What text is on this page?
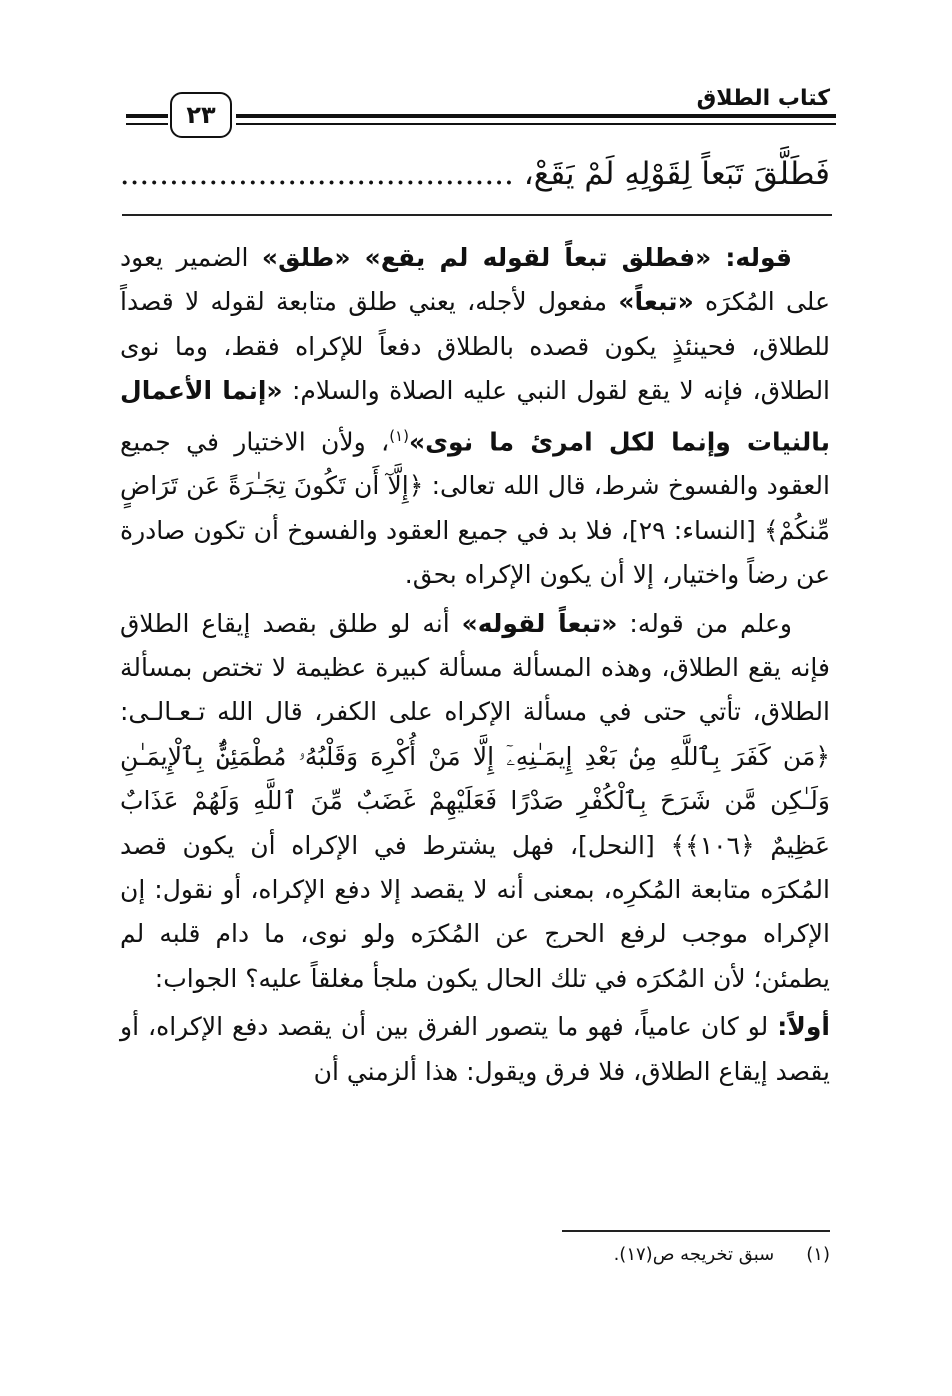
كتاب الطلاق
٢٣
فَطَلَّقَ تَبَعاً لِقَوْلِهِ لَمْ يَقَعْ، ........................................

قوله: «فطلق تبعاً لقوله لم يقع» «طلق» الضمير يعود على المُكرَه «تبعاً» مفعول لأجله، يعني طلق متابعة لقوله لا قصداً للطلاق، فحينئذٍ يكون قصده بالطلاق دفعاً للإكراه فقط، وما نوى الطلاق، فإنه لا يقع لقول النبي عليه الصلاة والسلام: «إنما الأعمال بالنيات وإنما لكل امرئ ما نوى»$^{(١)}$، ولأن الاختيار في جميع العقود والفسوخ شرط، قال الله تعالى: ﴿إِلَّآ أَن تَكُونَ تِجَـٰرَةً عَن تَرَاضٍ مِّنكُمْ﴾ [النساء: ٢٩]، فلا بد في جميع العقود والفسوخ أن تكون صادرة عن رضاً واختيار، إلا أن يكون الإكراه بحق.

وعلم من قوله: «تبعاً لقوله» أنه لو طلق بقصد إيقاع الطلاق فإنه يقع الطلاق، وهذه المسألة مسألة كبيرة عظيمة لا تختص بمسألة الطلاق، تأتي حتى في مسألة الإكراه على الكفر، قال الله تـعـالـى: ﴿مَن كَفَرَ بِٱللَّهِ مِنۢ بَعْدِ إِيمَـٰنِهِۦٓ إِلَّا مَنْ أُكْرِهَ وَقَلْبُهُۥ مُطْمَئِنٌّۢ بِٱلْإِيمَـٰنِ وَلَـٰكِن مَّن شَرَحَ بِٱلْكُفْرِ صَدْرًا فَعَلَيْهِمْ غَضَبٌ مِّنَ ٱللَّهِ وَلَهُمْ عَذَابٌ عَظِيمٌ ﴿١٠٦﴾﴾ [النحل]، فهل يشترط في الإكراه أن يكون قصد المُكرَه متابعة المُكرِه، بمعنى أنه لا يقصد إلا دفع الإكراه، أو نقول: إن الإكراه موجب لرفع الحرج عن المُكرَه ولو نوى، ما دام قلبه لم يطمئن؛ لأن المُكرَه في تلك الحال يكون ملجأ مغلقاً عليه؟ الجواب:

أولاً: لو كان عامياً، فهو ما يتصور الفرق بين أن يقصد دفع الإكراه، أو يقصد إيقاع الطلاق، فلا فرق ويقول: هذا ألزمني أن

(١)سبق تخريجه ص(١٧).
